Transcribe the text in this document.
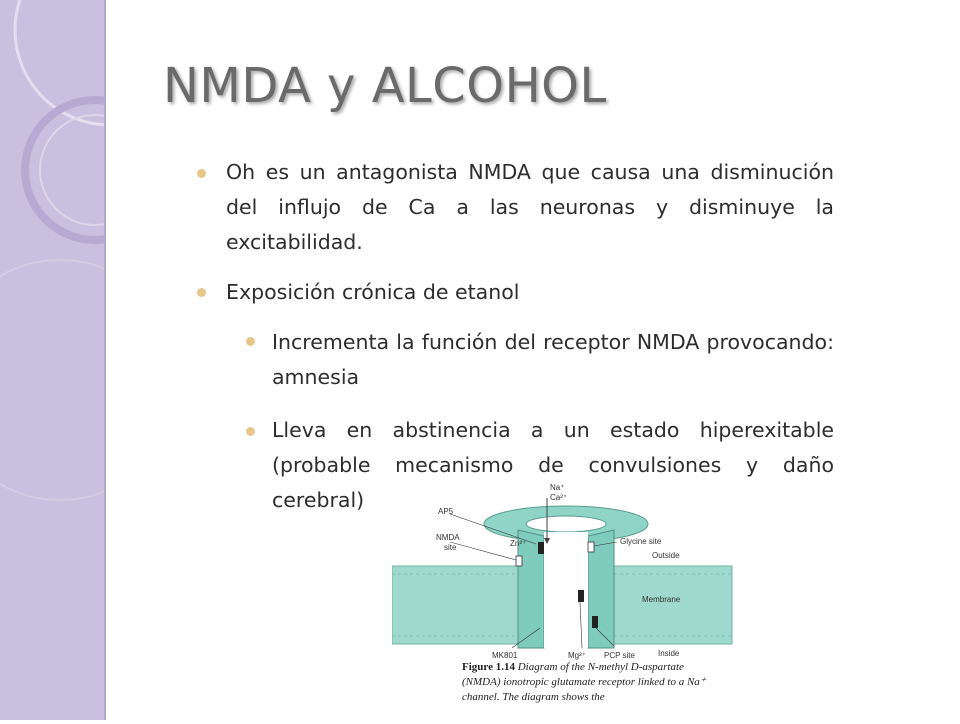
NMDA y ALCOHOL
Oh es un antagonista NMDA que causa una disminución del influjo de Ca a las neuronas y disminuye la excitabilidad.
Exposición crónica de etanol
Incrementa la función del receptor NMDA provocando: amnesia
Lleva en abstinencia a un estado hiperexitable (probable mecanismo de convulsiones y daño cerebral)
Na⁺
Ca²⁺
AP5
NMDA
site	Zn²⁺	Glycine site
Outside
Membrane
MK801	Mg²⁺ PCP site	Inside
Figure 1.14 Diagram of the N-methyl D-aspartate (NMDA) ionotropic glutamate receptor linked to a Na⁺ channel. The diagram shows the
